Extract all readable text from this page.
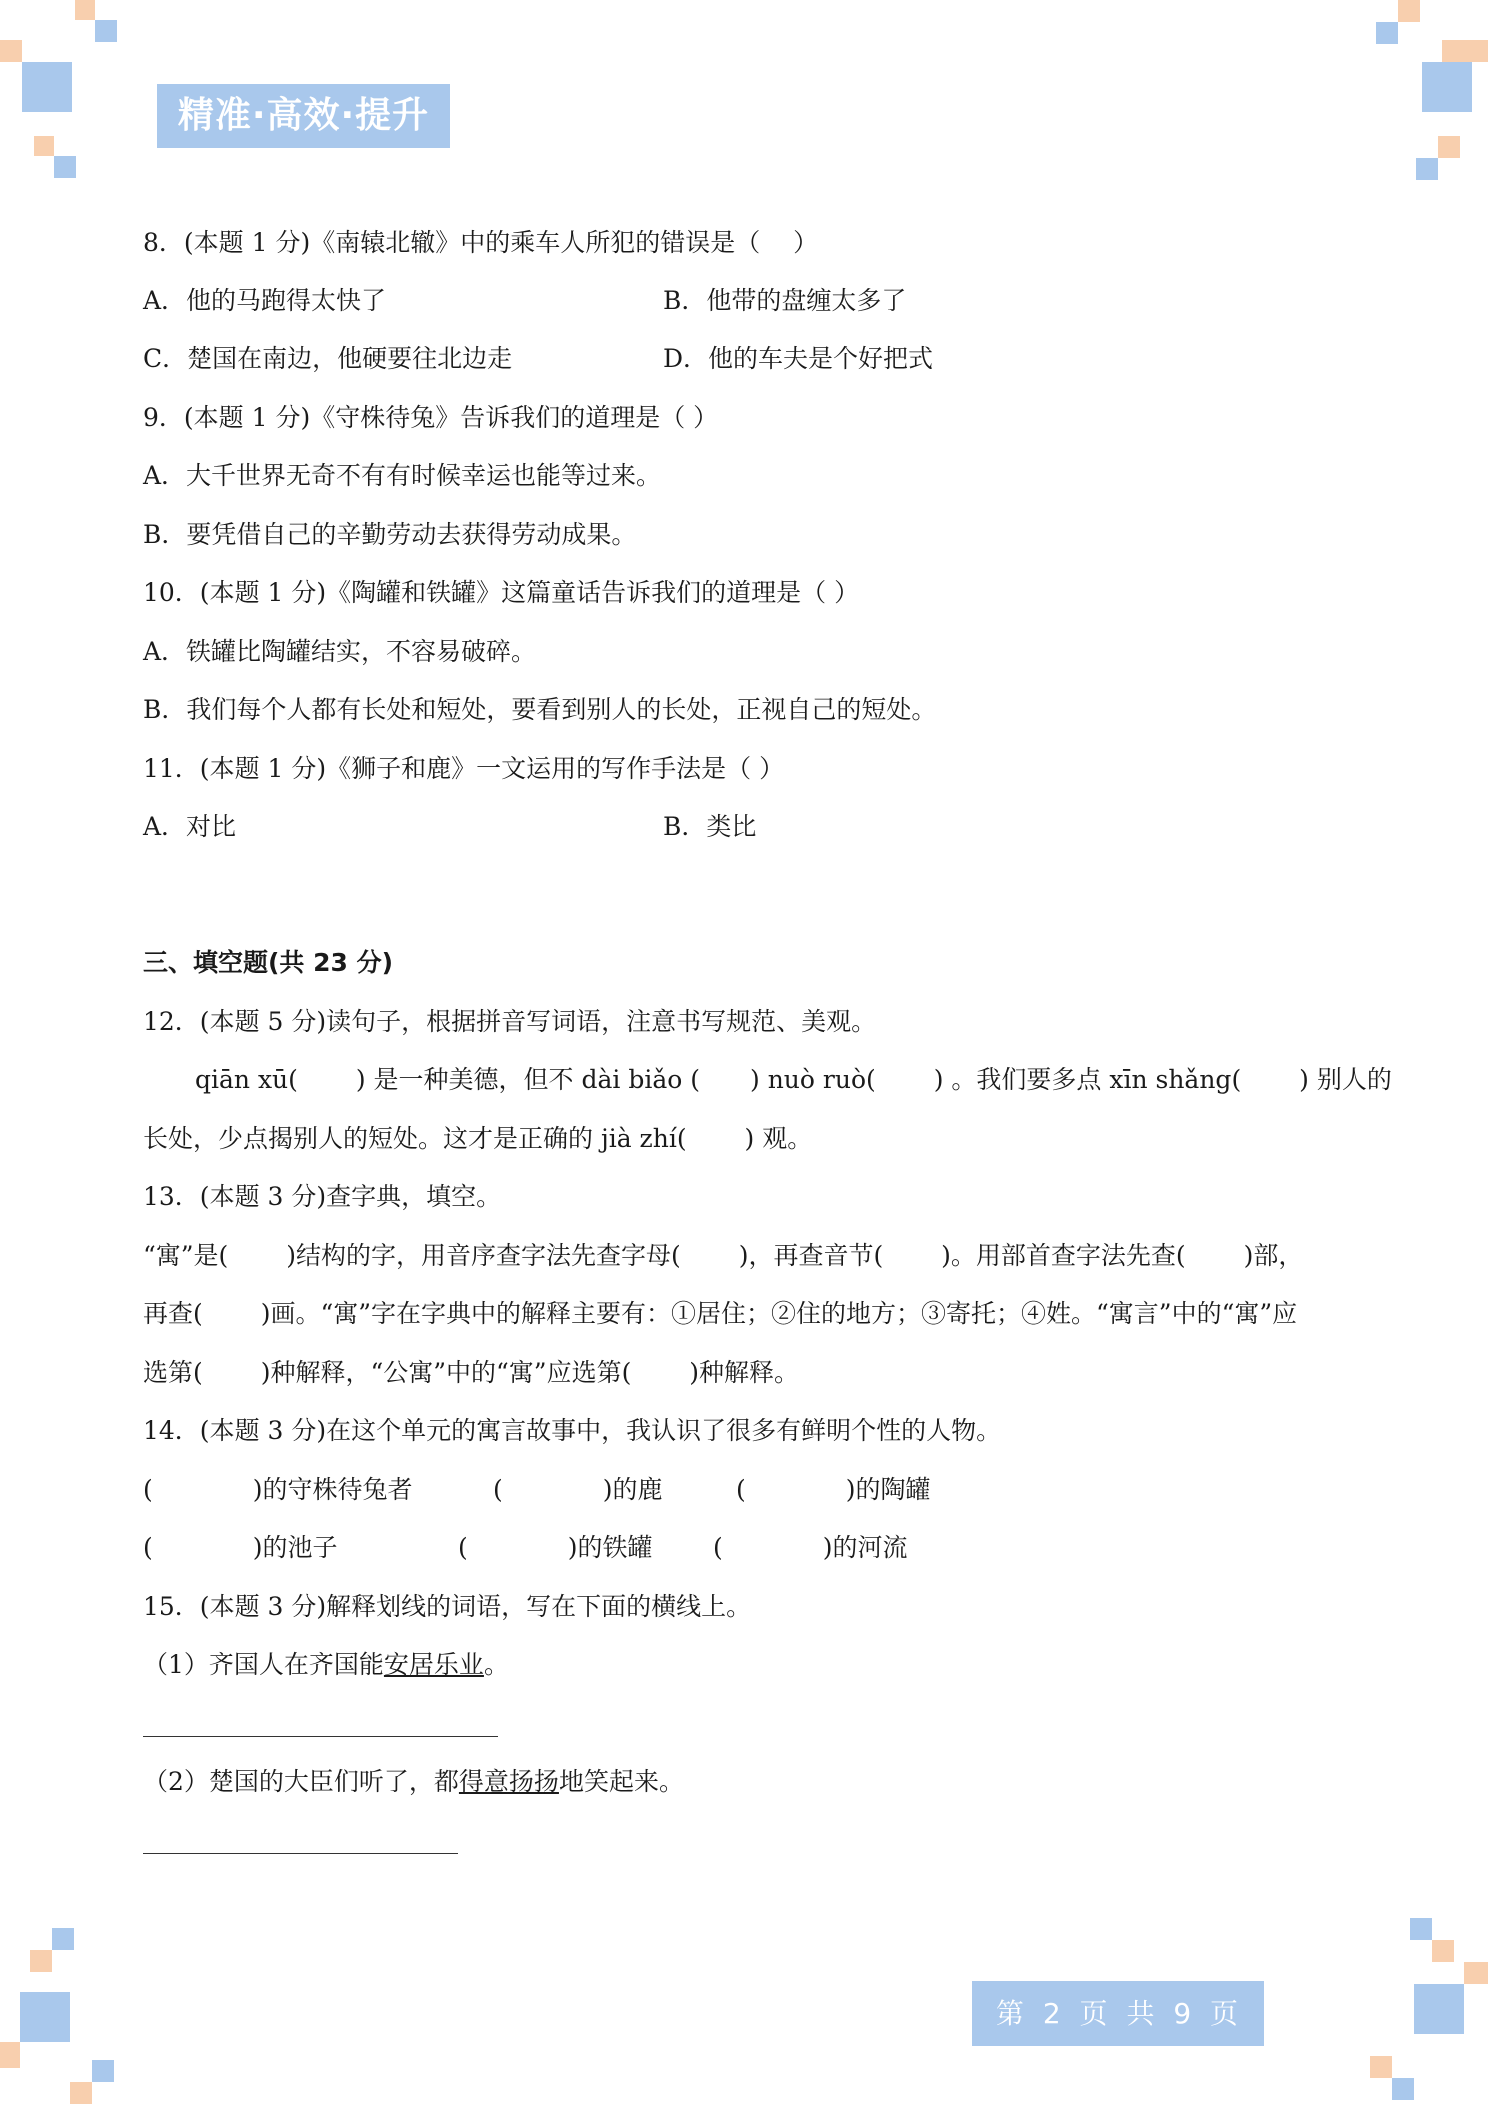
精准·高效·提升
8．(本题 1 分)《南辕北辙》中的乘车人所犯的错误是（　 ）
A．他的马跑得太快了	B．他带的盘缠太多了
C．楚国在南边，他硬要往北边走	D．他的车夫是个好把式
9．(本题 1 分)《守株待兔》告诉我们的道理是（ ）
A．大千世界无奇不有有时候幸运也能等过来。
B．要凭借自己的辛勤劳动去获得劳动成果。
10．(本题 1 分)《陶罐和铁罐》这篇童话告诉我们的道理是（ ）
A．铁罐比陶罐结实，不容易破碎。
B．我们每个人都有长处和短处，要看到别人的长处，正视自己的短处。
11．(本题 1 分)《狮子和鹿》一文运用的写作手法是（ ）
A．对比	B．类比
三、填空题(共 23 分)
12．(本题 5 分)读句子，根据拼音写词语，注意书写规范、美观。
qiān xū(　　 ) 是一种美德，但不 dài biǎo (　　) nuò ruò(　　 ) 。我们要多点 xīn shǎng(　　 ) 别人的
长处，少点揭别人的短处。这才是正确的 jià zhí(　　 ) 观。
13．(本题 3 分)查字典，填空。
“寓”是(　　 )结构的字，用音序查字法先查字母(　　 )，再查音节(　　 )。用部首查字法先查(　　 )部，
再查(　　 )画。“寓”字在字典中的解释主要有：①居住；②住的地方；③寄托；④姓。“寓言”中的“寓”应
选第(　　 )种解释，“公寓”中的“寓”应选第(　　 )种解释。
14．(本题 3 分)在这个单元的寓言故事中，我认识了很多有鲜明个性的人物。
(　　　　)的守株待兔者	(　　　　)的鹿	(　　　　)的陶罐
(　　　　)的池子	(　　　　)的铁罐 (　　　　)的河流
15．(本题 3 分)解释划线的词语，写在下面的横线上。
（1）齐国人在齐国能安居乐业。
（2）楚国的大臣们听了，都得意扬扬地笑起来。
第 2 页 共 9 页
